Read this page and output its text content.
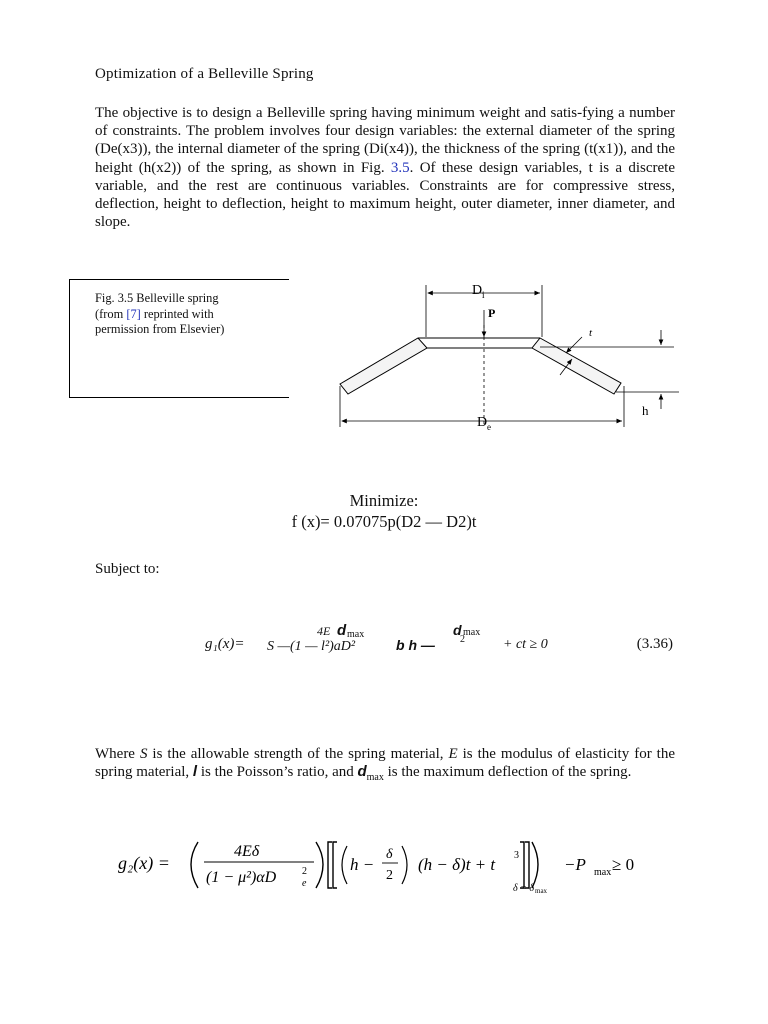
Optimization of a Belleville Spring

The objective is to design a Belleville spring having minimum weight and satis-fying a number of constraints. The problem involves four design variables: the external diameter of the spring (De(x3)), the internal diameter of the spring (Di(x4)), the thickness of the spring (t(x1)), and the height (h(x2)) of the spring, as shown in Fig. 3.5. Of these design variables, t is a discrete variable, and the rest are continuous variables. Constraints are for compressive stress, deflection, height to deflection, height to maximum height, outer diameter, inner diameter, and slope.

Fig. 3.5 Belleville spring
(from [7] reprinted with
permission from Elsevier)
D i
P
t
h
D e
Minimize:
f (x)= 0.07075p(D2 — D2)t
Subject to:
g₁(x)= S —(1 — l²)aD²
4E d max
b h —	2
d max
+ ct ≥ 0	(3.36)

Where S is the allowable strength of the spring material, E is the modulus of elasticity for the spring material, l is the Poisson’s ratio, and $d_{max}$ is the maximum deflection of the spring.

g₂(x) =
4Eδ
(1 − μ²)αD	e
2	h −
δ
2
(h − δ)t + t 3
δ = δ max
−P max ≥ 0
